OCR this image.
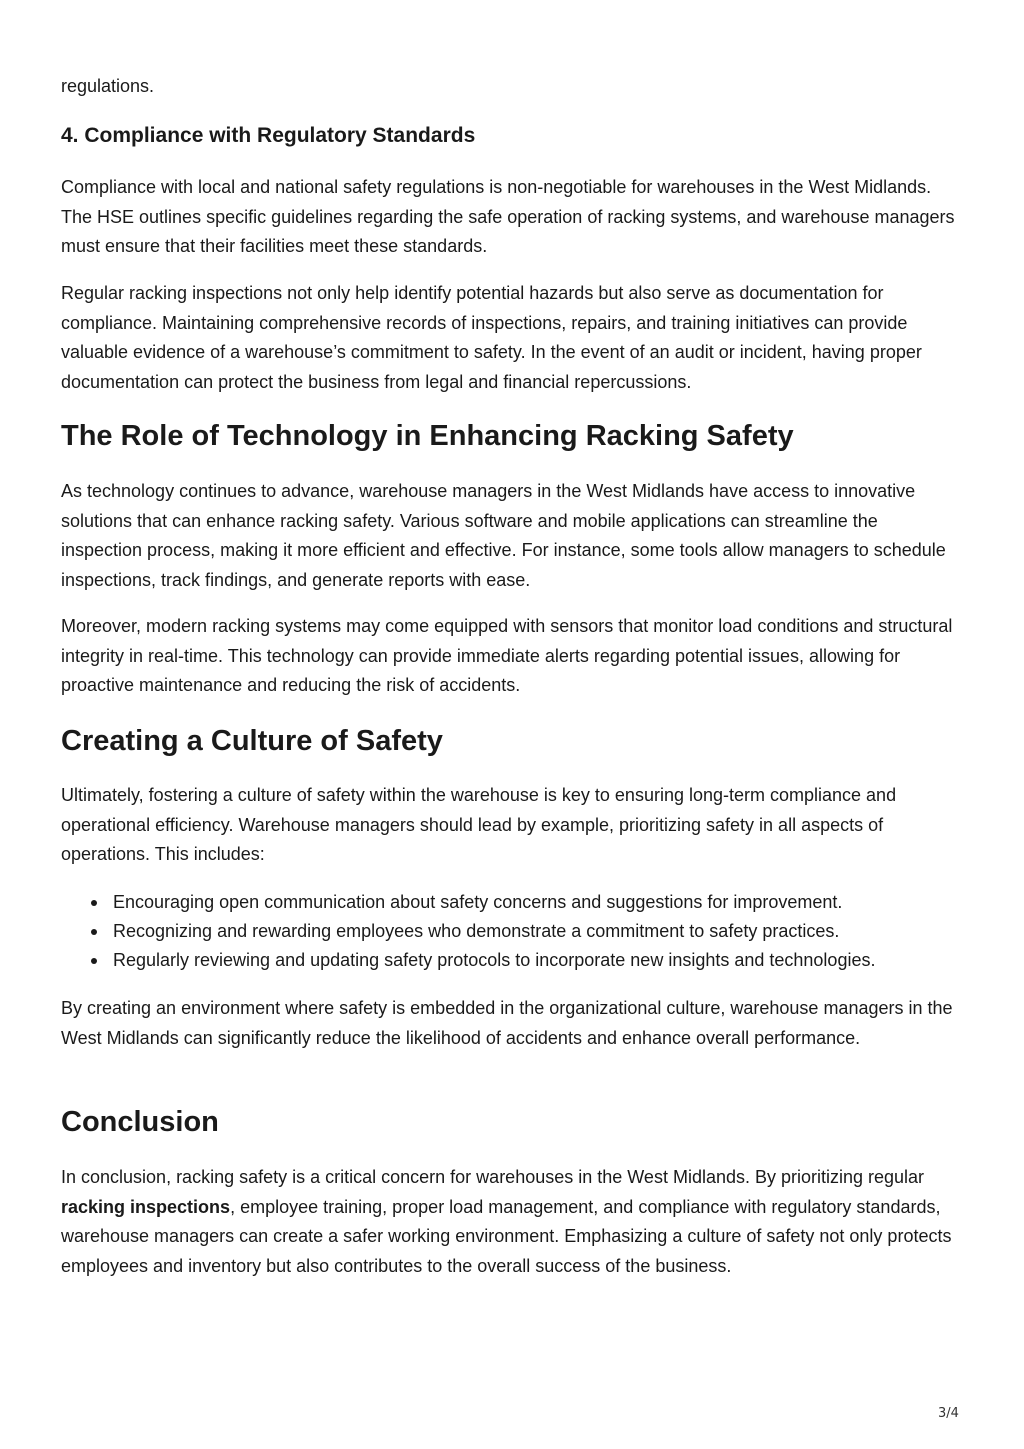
regulations.

4. Compliance with Regulatory Standards

Compliance with local and national safety regulations is non-negotiable for warehouses in the West Midlands. The HSE outlines specific guidelines regarding the safe operation of racking systems, and warehouse managers must ensure that their facilities meet these standards.

Regular racking inspections not only help identify potential hazards but also serve as documentation for compliance. Maintaining comprehensive records of inspections, repairs, and training initiatives can provide valuable evidence of a warehouse’s commitment to safety. In the event of an audit or incident, having proper documentation can protect the business from legal and financial repercussions.

The Role of Technology in Enhancing Racking Safety

As technology continues to advance, warehouse managers in the West Midlands have access to innovative solutions that can enhance racking safety. Various software and mobile applications can streamline the inspection process, making it more efficient and effective. For instance, some tools allow managers to schedule inspections, track findings, and generate reports with ease.

Moreover, modern racking systems may come equipped with sensors that monitor load conditions and structural integrity in real-time. This technology can provide immediate alerts regarding potential issues, allowing for proactive maintenance and reducing the risk of accidents.

Creating a Culture of Safety

Ultimately, fostering a culture of safety within the warehouse is key to ensuring long-term compliance and operational efficiency. Warehouse managers should lead by example, prioritizing safety in all aspects of operations. This includes:

Encouraging open communication about safety concerns and suggestions for improvement.
Recognizing and rewarding employees who demonstrate a commitment to safety practices.
Regularly reviewing and updating safety protocols to incorporate new insights and technologies.

By creating an environment where safety is embedded in the organizational culture, warehouse managers in the West Midlands can significantly reduce the likelihood of accidents and enhance overall performance.

Conclusion

In conclusion, racking safety is a critical concern for warehouses in the West Midlands. By prioritizing regular racking inspections, employee training, proper load management, and compliance with regulatory standards, warehouse managers can create a safer working environment. Emphasizing a culture of safety not only protects employees and inventory but also contributes to the overall success of the business.

3/4
